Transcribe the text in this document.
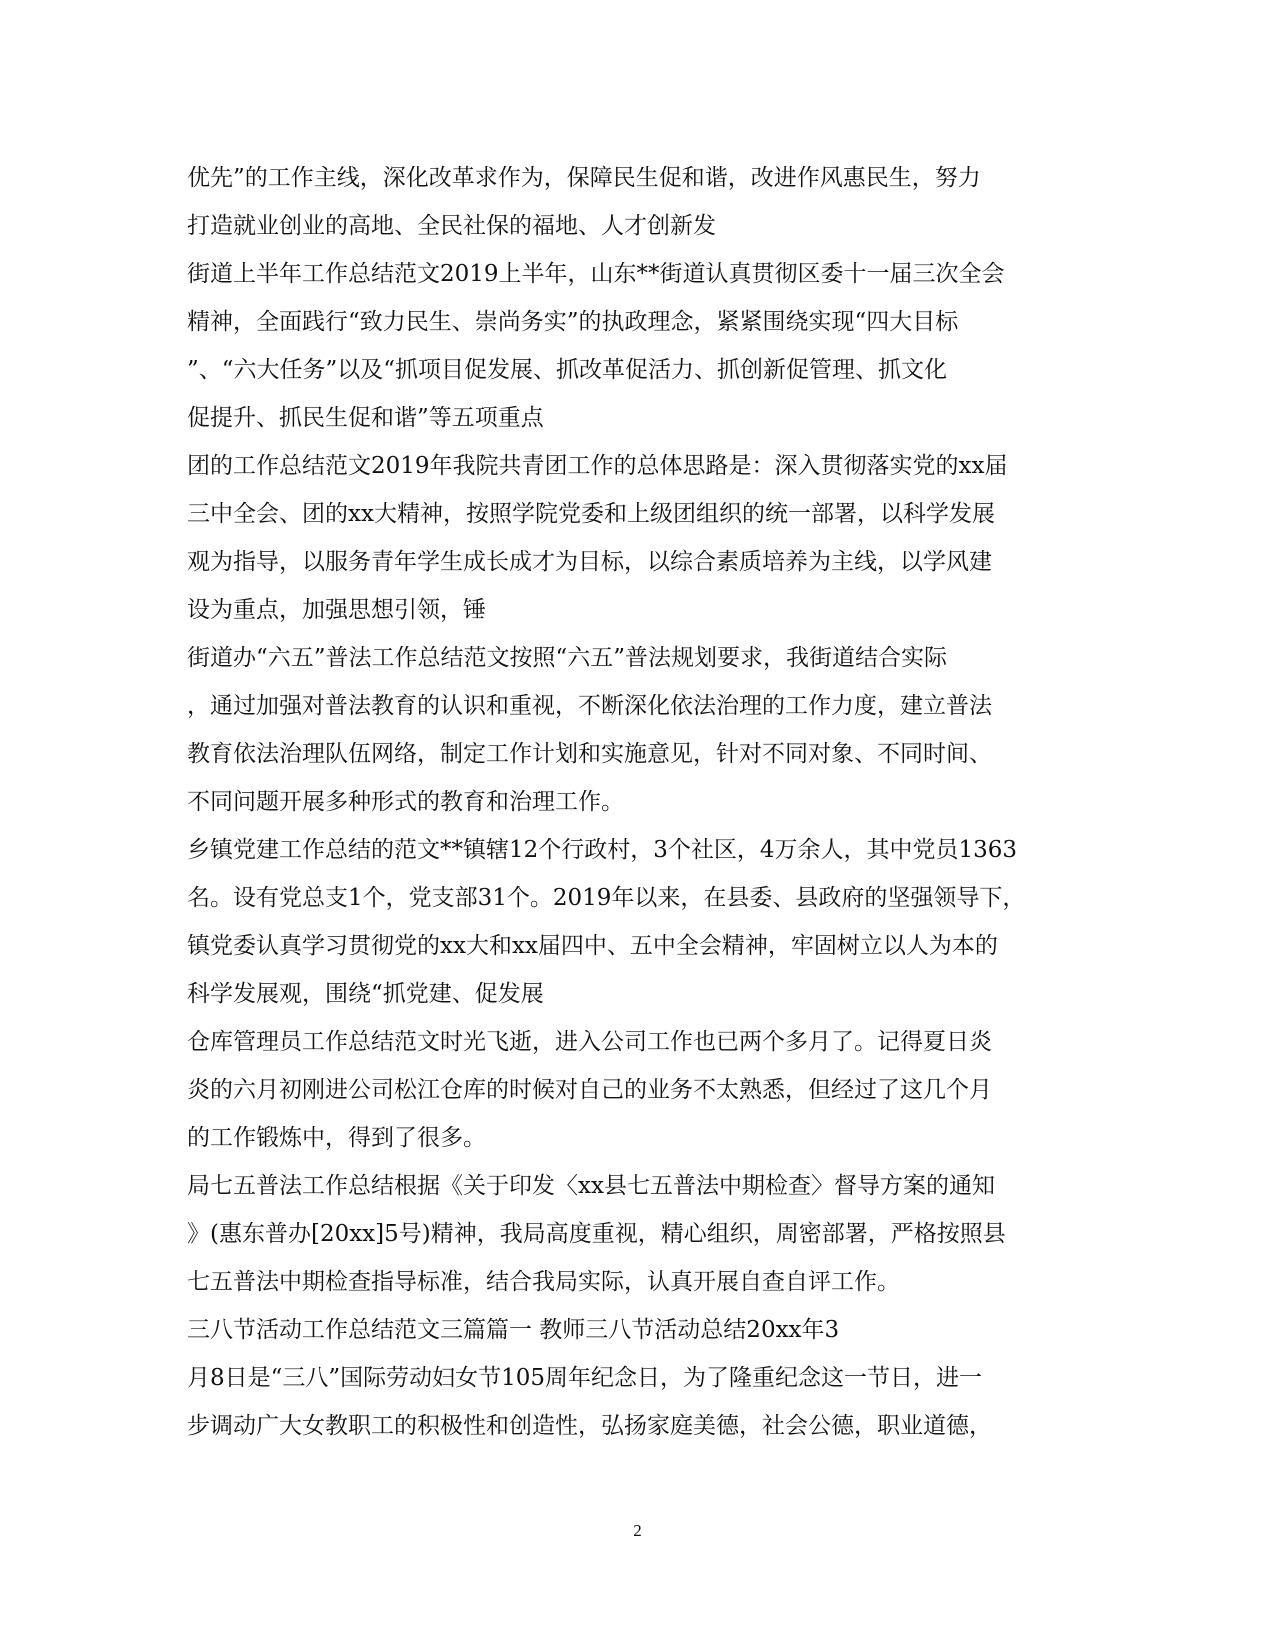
优先”的工作主线，深化改革求作为，保障民生促和谐，改进作风惠民生，努力
打造就业创业的高地、全民社保的福地、人才创新发
街道上半年工作总结范文2019上半年，山东**街道认真贯彻区委十一届三次全会
精神，全面践行“致力民生、崇尚务实”的执政理念，紧紧围绕实现“四大目标
”、“六大任务”以及“抓项目促发展、抓改革促活力、抓创新促管理、抓文化
促提升、抓民生促和谐”等五项重点
团的工作总结范文2019年我院共青团工作的总体思路是：深入贯彻落实党的xx届
三中全会、团的xx大精神，按照学院党委和上级团组织的统一部署，以科学发展
观为指导，以服务青年学生成长成才为目标，以综合素质培养为主线，以学风建
设为重点，加强思想引领，锤
街道办“六五”普法工作总结范文按照“六五”普法规划要求，我街道结合实际
，通过加强对普法教育的认识和重视，不断深化依法治理的工作力度，建立普法
教育依法治理队伍网络，制定工作计划和实施意见，针对不同对象、不同时间、
不同问题开展多种形式的教育和治理工作。
乡镇党建工作总结的范文**镇辖12个行政村，3个社区，4万余人，其中党员1363
名。设有党总支1个，党支部31个。2019年以来，在县委、县政府的坚强领导下，
镇党委认真学习贯彻党的xx大和xx届四中、五中全会精神，牢固树立以人为本的
科学发展观，围绕“抓党建、促发展
仓库管理员工作总结范文时光飞逝，进入公司工作也已两个多月了。记得夏日炎
炎的六月初刚进公司松江仓库的时候对自己的业务不太熟悉，但经过了这几个月
的工作锻炼中，得到了很多。
局七五普法工作总结根据《关于印发〈xx县七五普法中期检查〉督导方案的通知
》(惠东普办[20xx]5号)精神，我局高度重视，精心组织，周密部署，严格按照县
七五普法中期检查指导标准，结合我局实际，认真开展自查自评工作。
三八节活动工作总结范文三篇篇一 教师三八节活动总结20xx年3
月8日是“三八”国际劳动妇女节105周年纪念日，为了隆重纪念这一节日，进一
步调动广大女教职工的积极性和创造性，弘扬家庭美德，社会公德，职业道德，
2
